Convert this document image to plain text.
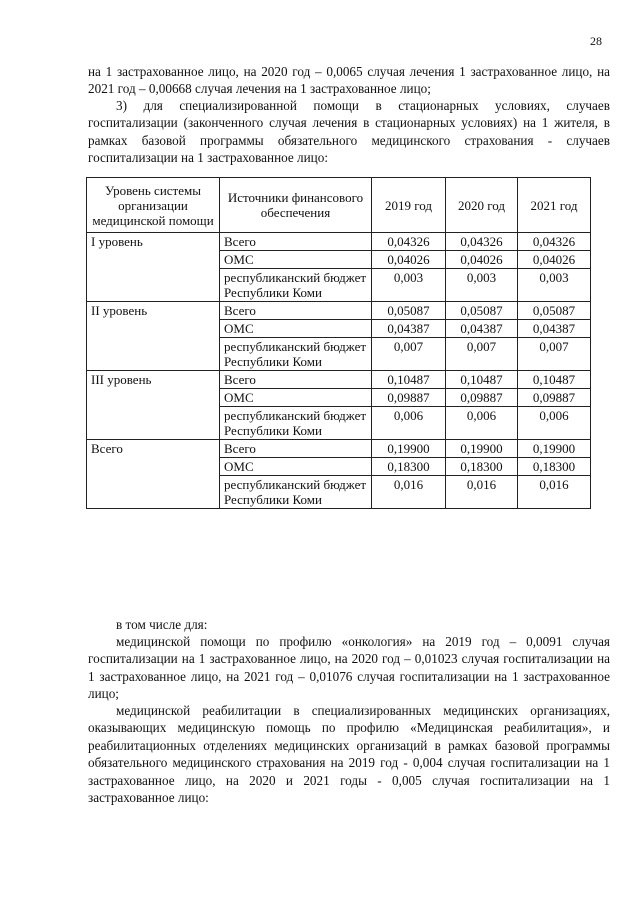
28

на 1 застрахованное лицо, на 2020 год – 0,0065 случая лечения 1 застрахованное лицо, на 2021 год – 0,00668 случая лечения на 1 застрахованное лицо;

3) для специализированной помощи в стационарных условиях, случаев госпитализации (законченного случая лечения в стационарных условиях) на 1 жителя, в рамках базовой программы обязательного медицинского страхования - случаев госпитализации на 1 застрахованное лицо:

Уровень системы организации медицинской помощи	Источники финансового обеспечения	2019 год	2020 год	2021 год
I уровень	Всего	0,04326	0,04326	0,04326
	ОМС	0,04026	0,04026	0,04026
	республиканский бюджет Республики Коми	0,003	0,003	0,003
II уровень	Всего	0,05087	0,05087	0,05087
	ОМС	0,04387	0,04387	0,04387
	республиканский бюджет Республики Коми	0,007	0,007	0,007
III уровень	Всего	0,10487	0,10487	0,10487
	ОМС	0,09887	0,09887	0,09887
	республиканский бюджет Республики Коми	0,006	0,006	0,006
Всего	Всего	0,19900	0,19900	0,19900
	ОМС	0,18300	0,18300	0,18300
	республиканский бюджет Республики Коми	0,016	0,016	0,016

в том числе для:

медицинской помощи по профилю «онкология» на 2019 год – 0,0091 случая госпитализации на 1 застрахованное лицо, на 2020 год – 0,01023 случая госпитализации на 1 застрахованное лицо, на 2021 год – 0,01076 случая госпитализации на 1 застрахованное лицо;

медицинской реабилитации в специализированных медицинских организациях, оказывающих медицинскую помощь по профилю «Медицинская реабилитация», и реабилитационных отделениях медицинских организаций в рамках базовой программы обязательного медицинского страхования на 2019 год - 0,004 случая госпитализации на 1 застрахованное лицо, на 2020 и 2021 годы - 0,005 случая госпитализации на 1 застрахованное лицо:
